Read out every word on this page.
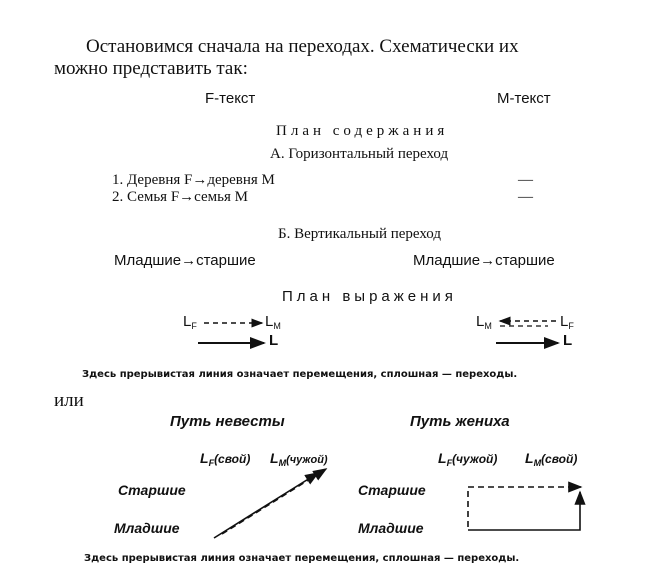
Остановимся сначала на переходах. Схематически их
можно представить так:
F-текст	M-текст
План содержания
А. Горизонтальный переход
1. Деревня F→деревня M	—
2. Семья F→семья M	—
Б. Вертикальный переход
Младшие→старшие	Младшие→старшие
План выражения
$L_F$	$L_M$
L
$L_M$	$L_F$
L
Здесь прерывистая линия означает перемещения, сплошная — переходы.
или
Путь невесты	Путь жениха
$L_F(свой)$ $L_M(чужой)$	$L_F(чужой)$ $L_M(свой)$
Старшие
Младшие
Старшие
Младшие
Здесь прерывистая линия означает перемещения, сплошная — переходы.
